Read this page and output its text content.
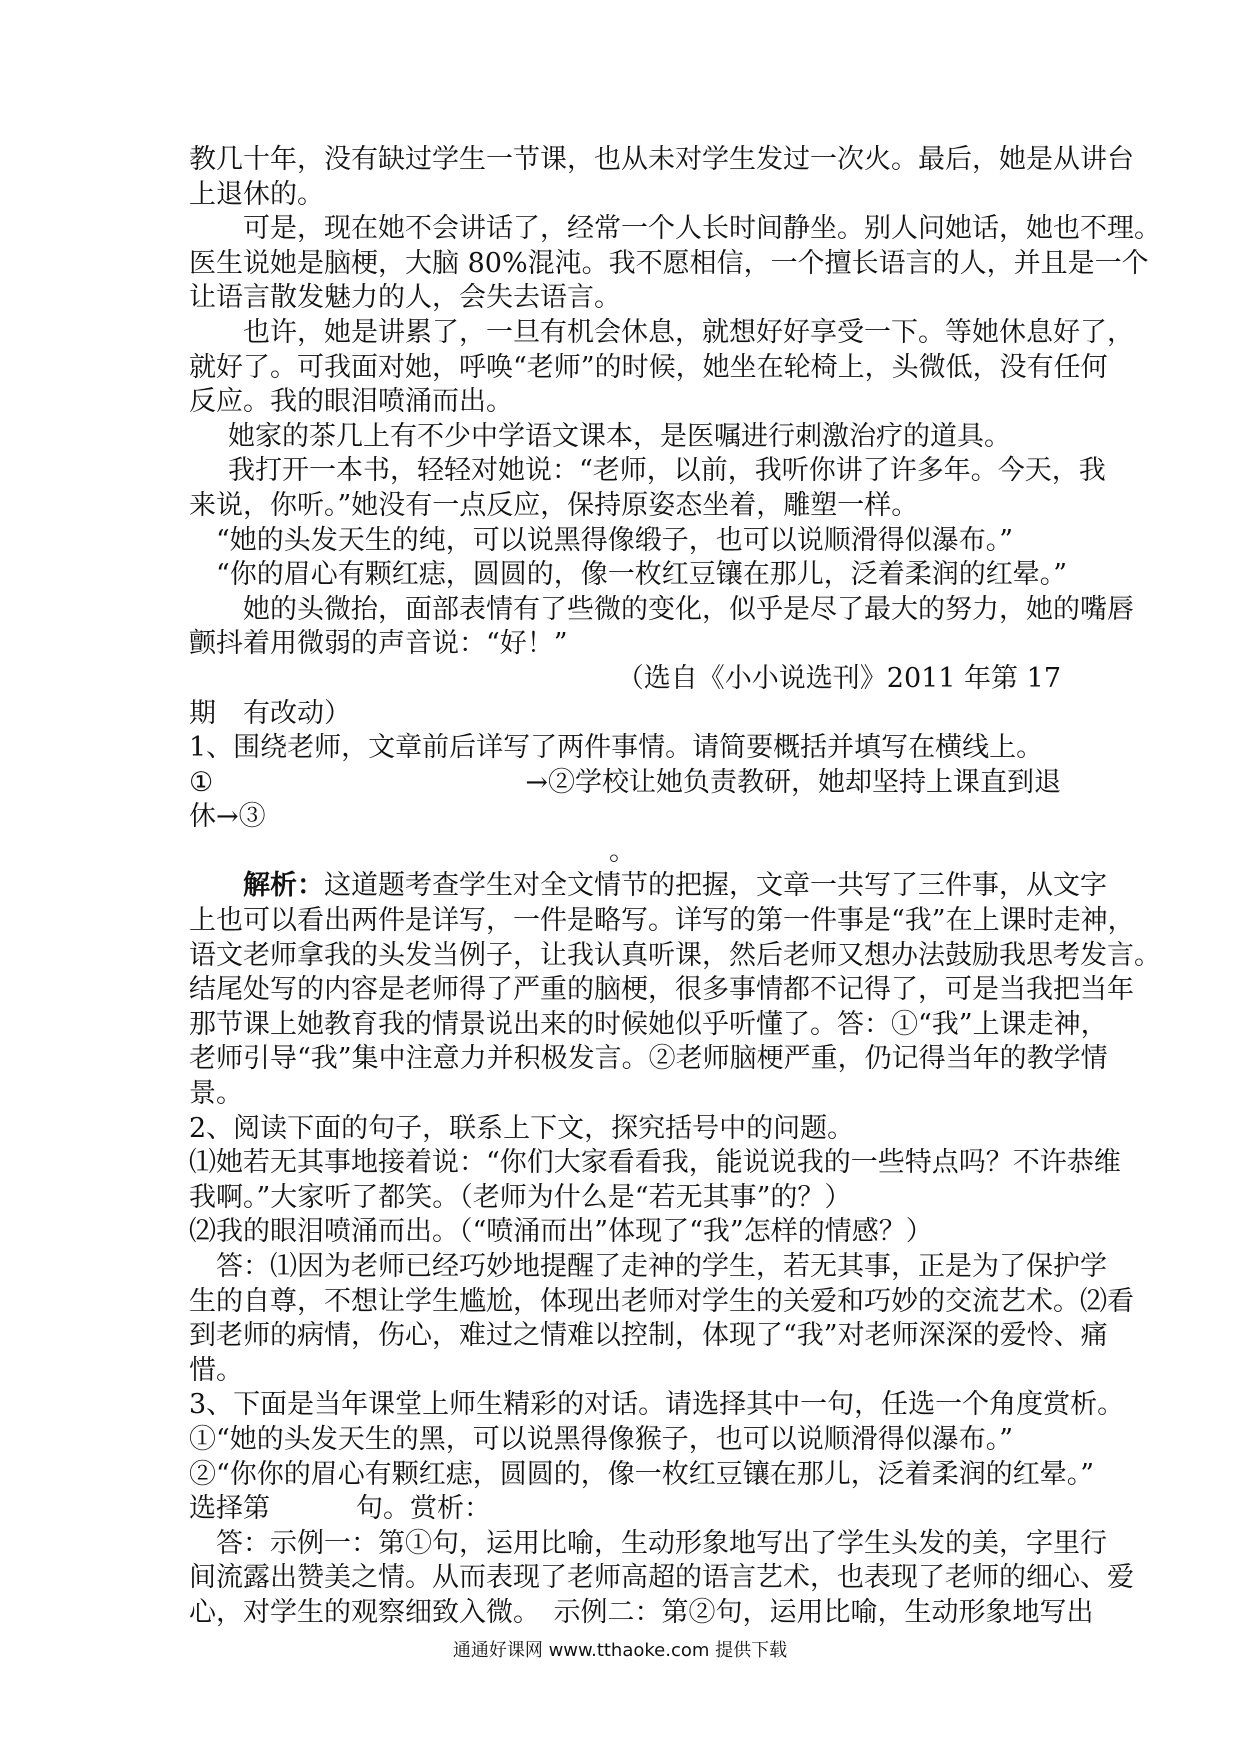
教几十年，没有缺过学生一节课，也从未对学生发过一次火。最后，她是从讲台
上退休的。
可是，现在她不会讲话了，经常一个人长时间静坐。别人问她话，她也不理。
医生说她是脑梗，大脑 80%混沌。我不愿相信，一个擅长语言的人，并且是一个
让语言散发魅力的人，会失去语言。
也许，她是讲累了，一旦有机会休息，就想好好享受一下。等她休息好了，
就好了。可我面对她，呼唤“老师”的时候，她坐在轮椅上，头微低，没有任何
反应。我的眼泪喷涌而出。
她家的茶几上有不少中学语文课本，是医嘱进行刺激治疗的道具。
我打开一本书，轻轻对她说：“老师，以前，我听你讲了许多年。今天，我
来说，你听。”她没有一点反应，保持原姿态坐着，雕塑一样。
“她的头发天生的纯，可以说黑得像缎子，也可以说顺滑得似瀑布。”
“你的眉心有颗红痣，圆圆的，像一枚红豆镶在那儿，泛着柔润的红晕。”
她的头微抬，面部表情有了些微的变化，似乎是尽了最大的努力，她的嘴唇
颤抖着用微弱的声音说：“好！”
（选自《小小说选刊》2011 年第 17
期　有改动）
1、围绕老师，文章前后详写了两件事情。请简要概括并填写在横线上。
①	→②学校让她负责教研，她却坚持上课直到退
休→③
。
解析：这道题考查学生对全文情节的把握，文章一共写了三件事，从文字
上也可以看出两件是详写，一件是略写。详写的第一件事是“我”在上课时走神，
语文老师拿我的头发当例子，让我认真听课，然后老师又想办法鼓励我思考发言。
结尾处写的内容是老师得了严重的脑梗，很多事情都不记得了，可是当我把当年
那节课上她教育我的情景说出来的时候她似乎听懂了。答：①“我”上课走神，
老师引导“我”集中注意力并积极发言。②老师脑梗严重，仍记得当年的教学情
景。
2、阅读下面的句子，联系上下文，探究括号中的问题。
⑴她若无其事地接着说：“你们大家看看我，能说说我的一些特点吗？不许恭维
我啊。”大家听了都笑。（老师为什么是“若无其事”的？）
⑵我的眼泪喷涌而出。（“喷涌而出”体现了“我”怎样的情感？）
答：⑴因为老师已经巧妙地提醒了走神的学生，若无其事，正是为了保护学
生的自尊，不想让学生尴尬，体现出老师对学生的关爱和巧妙的交流艺术。⑵看
到老师的病情，伤心，难过之情难以控制，体现了“我”对老师深深的爱怜、痛
惜。
3、下面是当年课堂上师生精彩的对话。请选择其中一句，任选一个角度赏析。
①“她的头发天生的黑，可以说黑得像猴子，也可以说顺滑得似瀑布。”
②“你你的眉心有颗红痣，圆圆的，像一枚红豆镶在那儿，泛着柔润的红晕。”
选择第	句。赏析：
答：示例一：第①句，运用比喻，生动形象地写出了学生头发的美，字里行
间流露出赞美之情。从而表现了老师高超的语言艺术，也表现了老师的细心、爱
心，对学生的观察细致入微。　示例二：第②句，运用比喻，生动形象地写出
通通好课网 www.tthaoke.com 提供下载
